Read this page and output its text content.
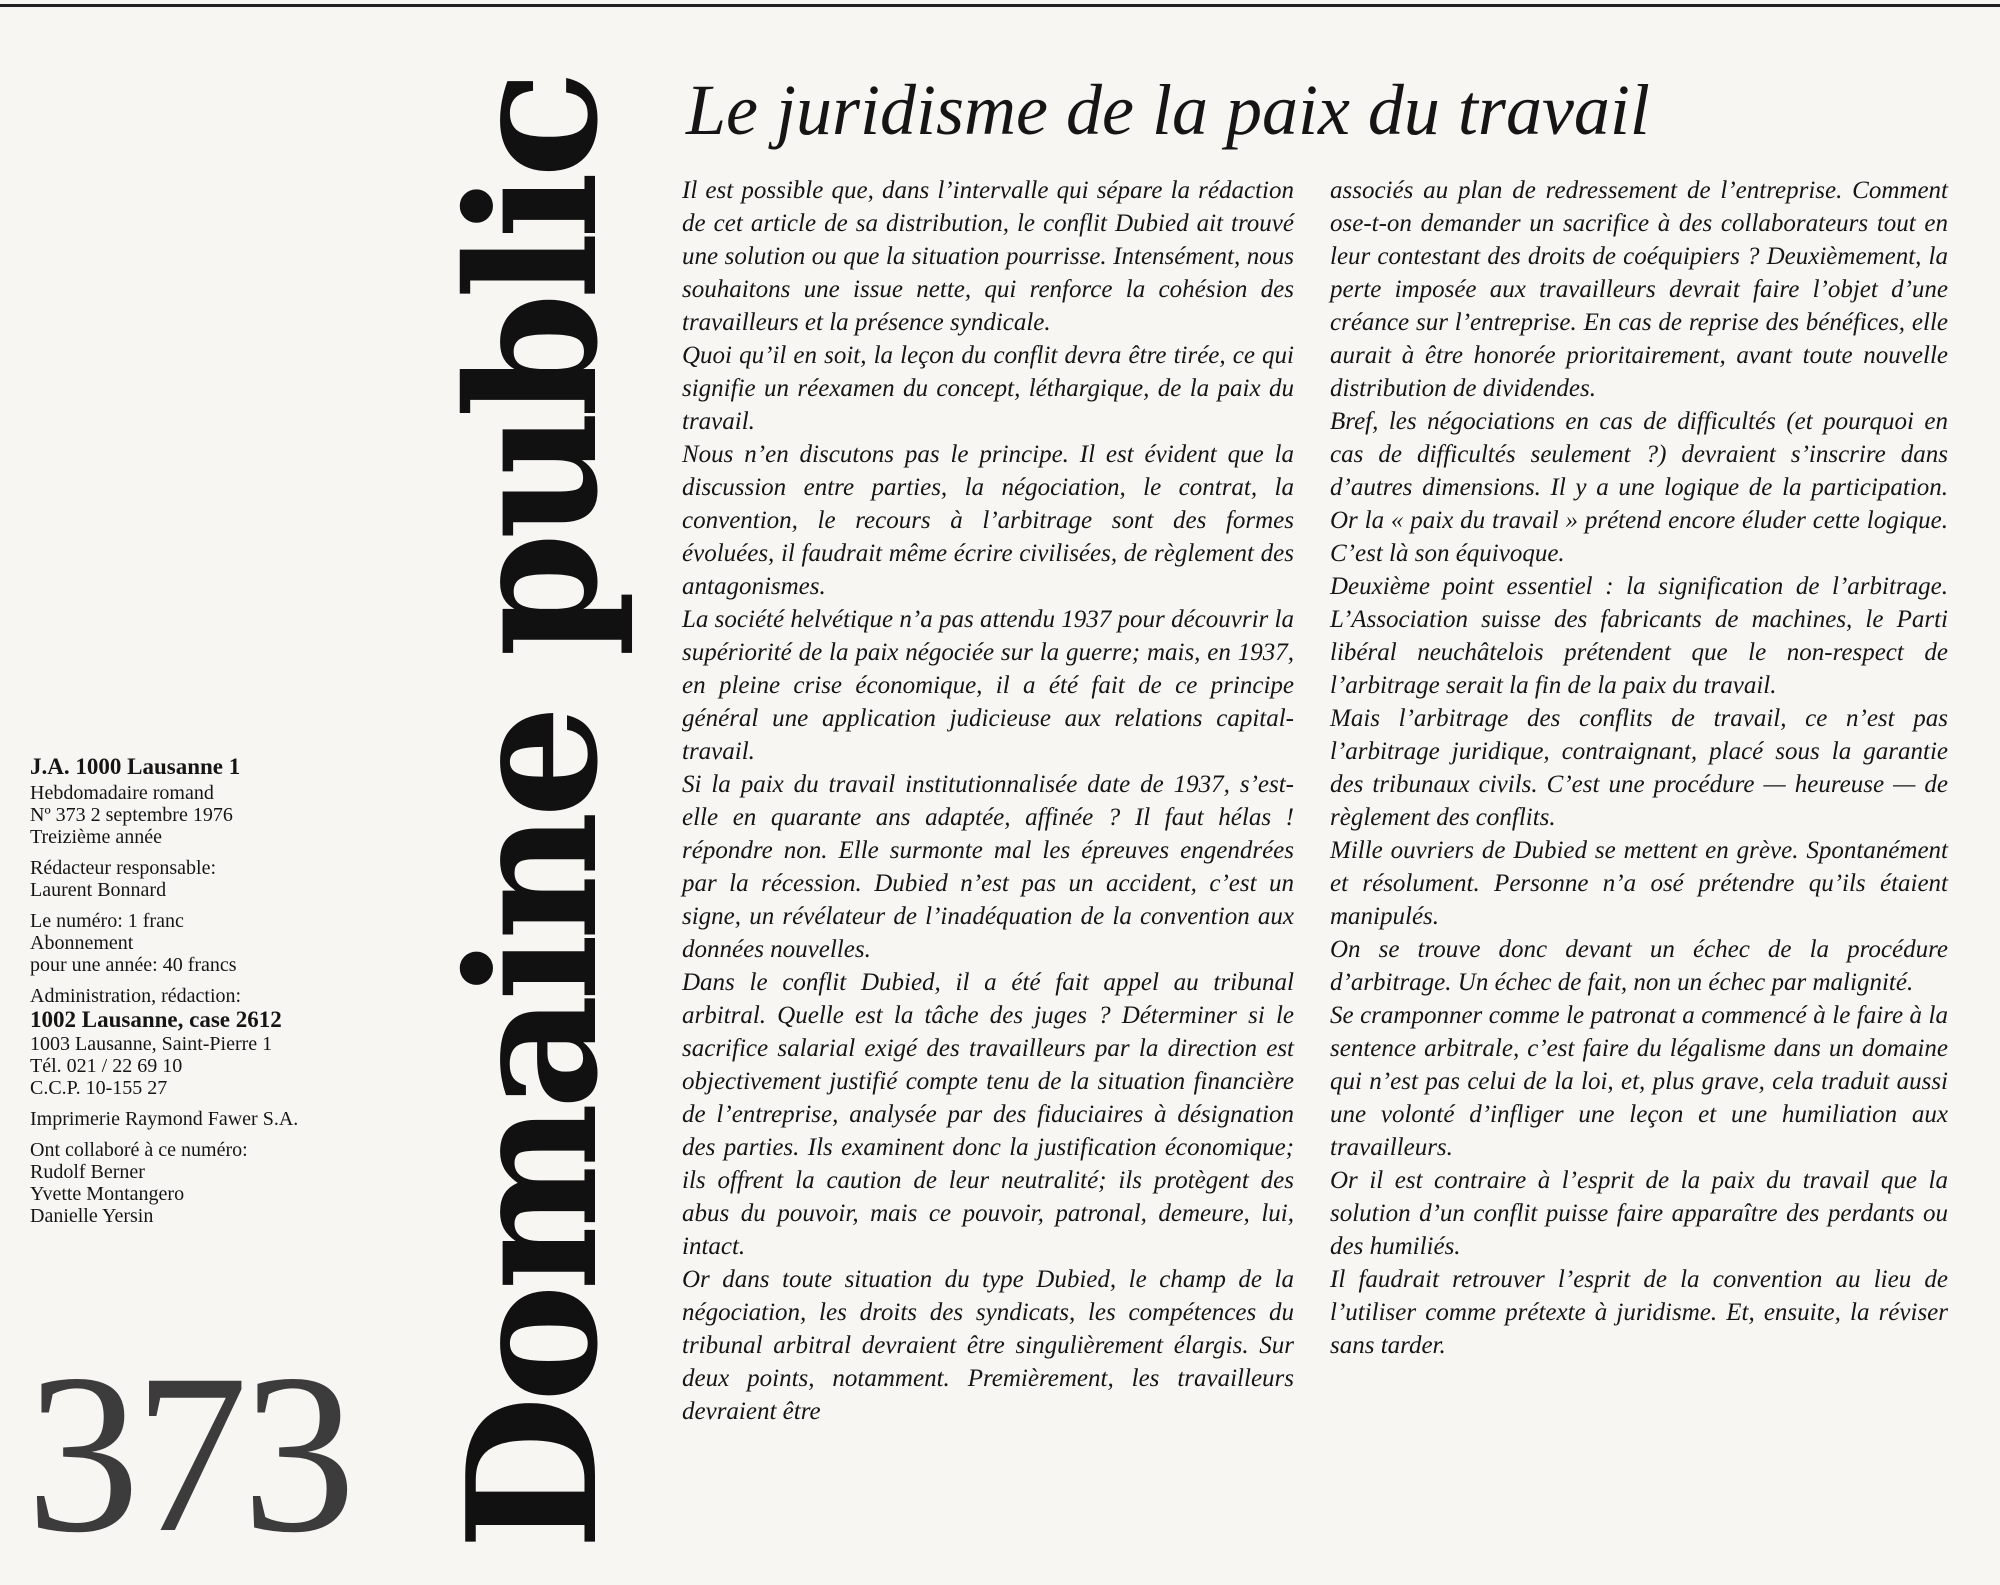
J.A. 1000 Lausanne 1

Hebdomadaire romand

Nº 373 2 septembre 1976

Treizième année

Rédacteur responsable:

Laurent Bonnard

Le numéro: 1 franc

Abonnement

pour une année: 40 francs

Administration, rédaction:

1002 Lausanne, case 2612

1003 Lausanne, Saint-Pierre 1

Tél. 021 / 22 69 10

C.C.P. 10-155 27

Imprimerie Raymond Fawer S.A.

Ont collaboré à ce numéro:

Rudolf Berner

Yvette Montangero

Danielle Yersin

373 Domaine public Le juridisme de la paix du travail

Il est possible que, dans l’intervalle qui sépare la rédaction de cet article de sa distribution, le conflit Dubied ait trouvé une solution ou que la situation pourrisse. Intensément, nous souhaitons une issue nette, qui renforce la cohésion des travailleurs et la présence syndicale.

Quoi qu’il en soit, la leçon du conflit devra être tirée, ce qui signifie un réexamen du concept, léthargique, de la paix du travail.

Nous n’en discutons pas le principe. Il est évident que la discussion entre parties, la négociation, le contrat, la convention, le recours à l’arbitrage sont des formes évoluées, il faudrait même écrire civilisées, de règlement des antagonismes.

La société helvétique n’a pas attendu 1937 pour découvrir la supériorité de la paix négociée sur la guerre; mais, en 1937, en pleine crise économique, il a été fait de ce principe général une application judicieuse aux relations capital-travail.

Si la paix du travail institutionnalisée date de 1937, s’est-elle en quarante ans adaptée, affinée ? Il faut hélas ! répondre non. Elle surmonte mal les épreuves engendrées par la récession. Dubied n’est pas un accident, c’est un signe, un révélateur de l’inadéquation de la convention aux données nouvelles.

Dans le conflit Dubied, il a été fait appel au tribunal arbitral. Quelle est la tâche des juges ? Déterminer si le sacrifice salarial exigé des travailleurs par la direction est objectivement justifié compte tenu de la situation financière de l’entreprise, analysée par des fiduciaires à désignation des parties. Ils examinent donc la justification économique; ils offrent la caution de leur neutralité; ils protègent des abus du pouvoir, mais ce pouvoir, patronal, demeure, lui, intact.

Or dans toute situation du type Dubied, le champ de la négociation, les droits des syndicats, les compétences du tribunal arbitral devraient être singulièrement élargis. Sur deux points, notamment. Premièrement, les travailleurs devraient être

associés au plan de redressement de l’entreprise. Comment ose-t-on demander un sacrifice à des collaborateurs tout en leur contestant des droits de coéquipiers ? Deuxièmement, la perte imposée aux travailleurs devrait faire l’objet d’une créance sur l’entreprise. En cas de reprise des bénéfices, elle aurait à être honorée prioritairement, avant toute nouvelle distribution de dividendes.

Bref, les négociations en cas de difficultés (et pourquoi en cas de difficultés seulement ?) devraient s’inscrire dans d’autres dimensions. Il y a une logique de la participation. Or la « paix du travail » prétend encore éluder cette logique. C’est là son équivoque.

Deuxième point essentiel : la signification de l’arbitrage. L’Association suisse des fabricants de machines, le Parti libéral neuchâtelois prétendent que le non-respect de l’arbitrage serait la fin de la paix du travail.

Mais l’arbitrage des conflits de travail, ce n’est pas l’arbitrage juridique, contraignant, placé sous la garantie des tribunaux civils. C’est une procédure — heureuse — de règlement des conflits.

Mille ouvriers de Dubied se mettent en grève. Spontanément et résolument. Personne n’a osé prétendre qu’ils étaient manipulés.

On se trouve donc devant un échec de la procédure d’arbitrage. Un échec de fait, non un échec par malignité.

Se cramponner comme le patronat a commencé à le faire à la sentence arbitrale, c’est faire du légalisme dans un domaine qui n’est pas celui de la loi, et, plus grave, cela traduit aussi une volonté d’infliger une leçon et une humiliation aux travailleurs.

Or il est contraire à l’esprit de la paix du travail que la solution d’un conflit puisse faire apparaître des perdants ou des humiliés.

Il faudrait retrouver l’esprit de la convention au lieu de l’utiliser comme prétexte à juridisme. Et, ensuite, la réviser sans tarder.
